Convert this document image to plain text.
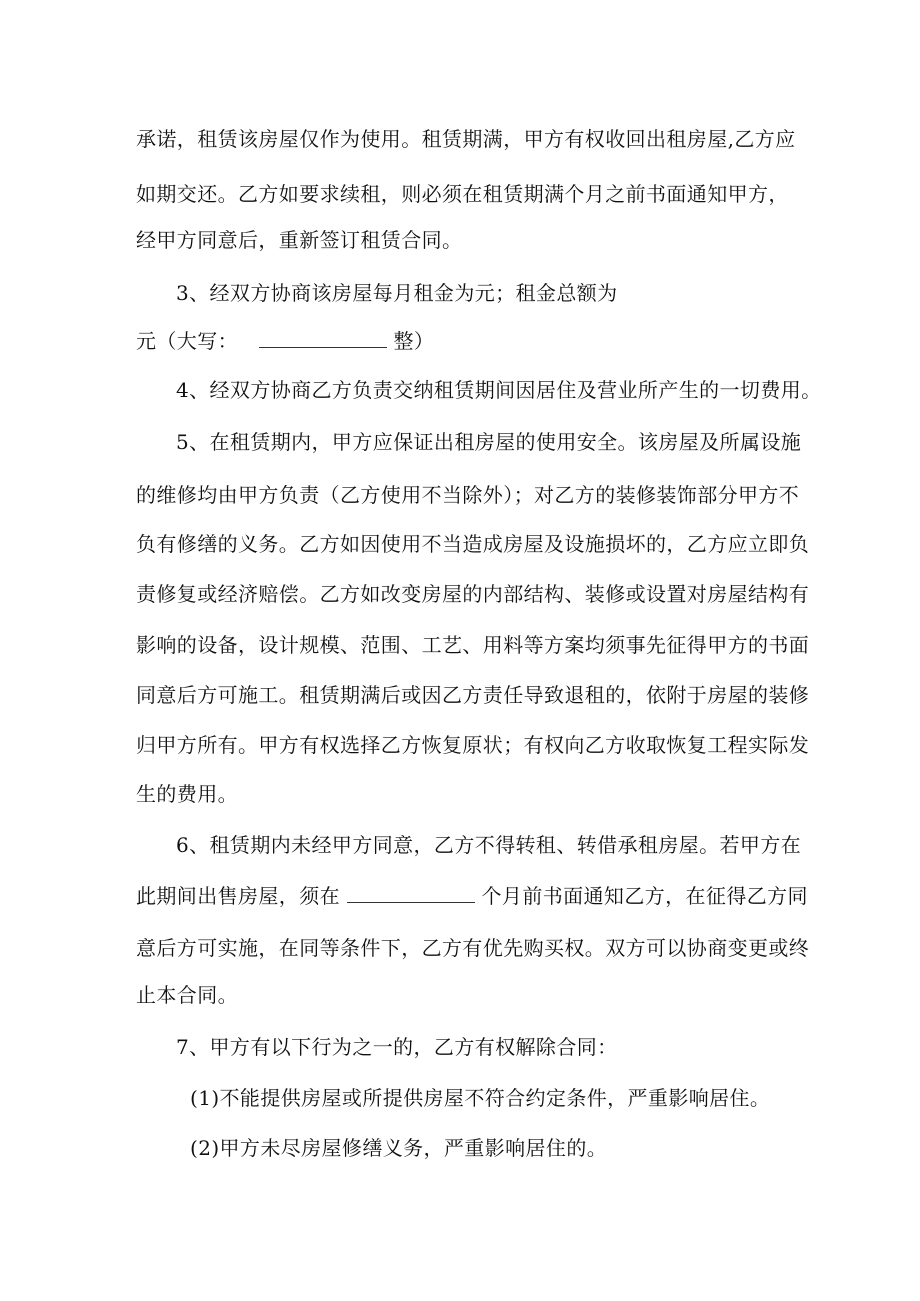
承诺，租赁该房屋仅作为使用。租赁期满，甲方有权收回出租房屋,乙方应
如期交还。乙方如要求续租，则必须在租赁期满个月之前书面通知甲方，
经甲方同意后，重新签订租赁合同。
3、经双方协商该房屋每月租金为元；租金总额为
元（大写：	整）
4、经双方协商乙方负责交纳租赁期间因居住及营业所产生的一切费用。
5、在租赁期内，甲方应保证出租房屋的使用安全。该房屋及所属设施
的维修均由甲方负责（乙方使用不当除外）；对乙方的装修装饰部分甲方不
负有修缮的义务。乙方如因使用不当造成房屋及设施损坏的，乙方应立即负
责修复或经济赔偿。乙方如改变房屋的内部结构、装修或设置对房屋结构有
影响的设备，设计规模、范围、工艺、用料等方案均须事先征得甲方的书面
同意后方可施工。租赁期满后或因乙方责任导致退租的，依附于房屋的装修
归甲方所有。甲方有权选择乙方恢复原状；有权向乙方收取恢复工程实际发
生的费用。
6、租赁期内未经甲方同意，乙方不得转租、转借承租房屋。若甲方在
此期间出售房屋，须在	个月前书面通知乙方，在征得乙方同
意后方可实施，在同等条件下，乙方有优先购买权。双方可以协商变更或终
止本合同。
7、甲方有以下行为之一的，乙方有权解除合同：
(1)不能提供房屋或所提供房屋不符合约定条件，严重影响居住。
(2)甲方未尽房屋修缮义务，严重影响居住的。
